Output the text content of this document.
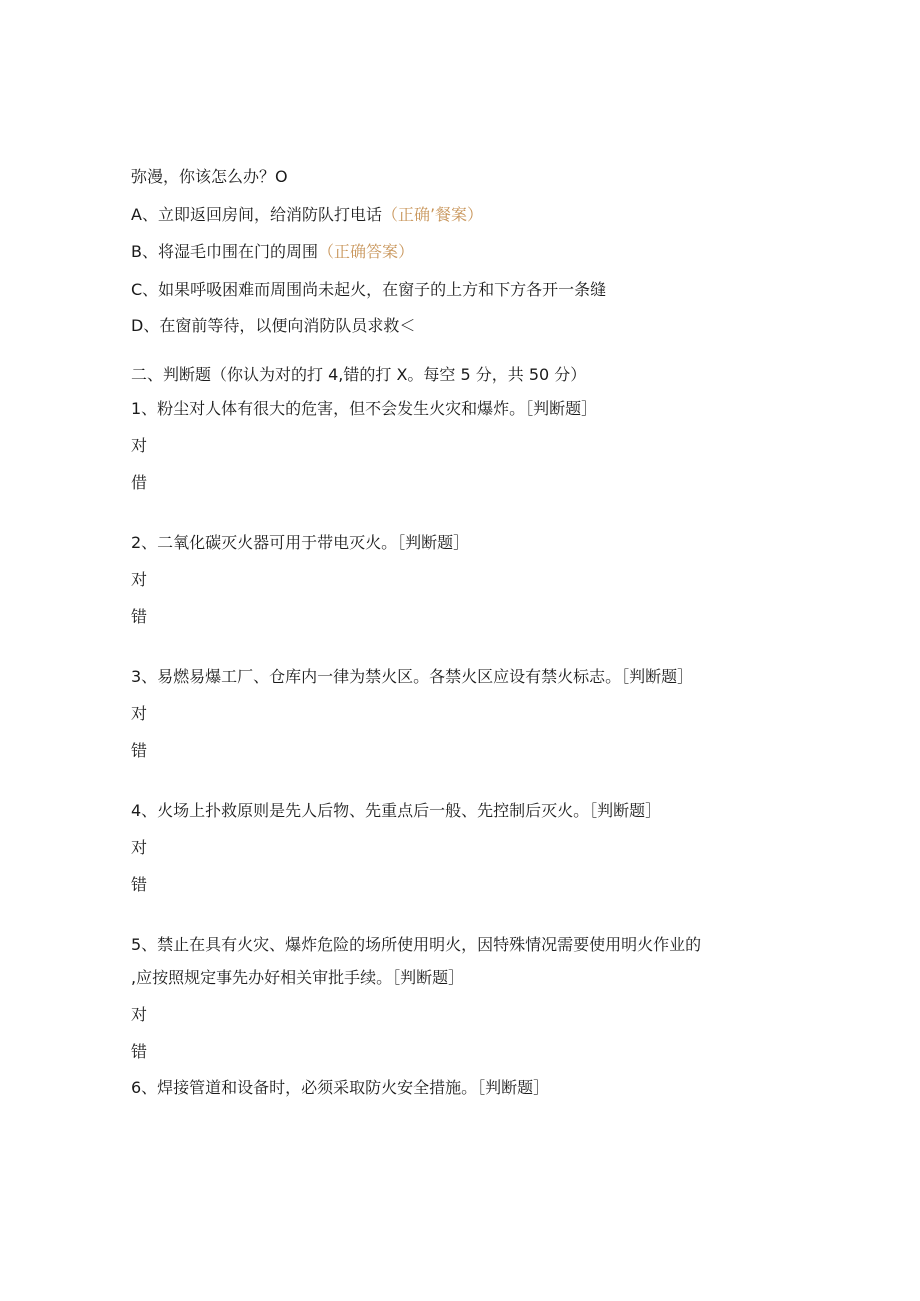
弥漫，你该怎么办？O
A、立即返回房间，给消防队打电话（正确’餐案）
B、将湿毛巾围在门的周围（正确答案）
C、如果呼吸困难而周围尚未起火，在窗子的上方和下方各开一条缝
D、在窗前等待，以便向消防队员求救＜
二、判断题（你认为对的打 4,错的打 X。每空 5 分，共 50 分）
1、粉尘对人体有很大的危害，但不会发生火灾和爆炸。［判断题］
对
借
2、二氧化碳灭火器可用于带电灭火。［判断题］
对
错
3、易燃易爆工厂、仓库内一律为禁火区。各禁火区应设有禁火标志。［判断题］
对
错
4、火场上扑救原则是先人后物、先重点后一般、先控制后灭火。［判断题］
对
错
5、禁止在具有火灾、爆炸危险的场所使用明火，因特殊情况需要使用明火作业的
,应按照规定事先办好相关审批手续。［判断题］
对
错
6、焊接管道和设备时，必须采取防火安全措施。［判断题］
